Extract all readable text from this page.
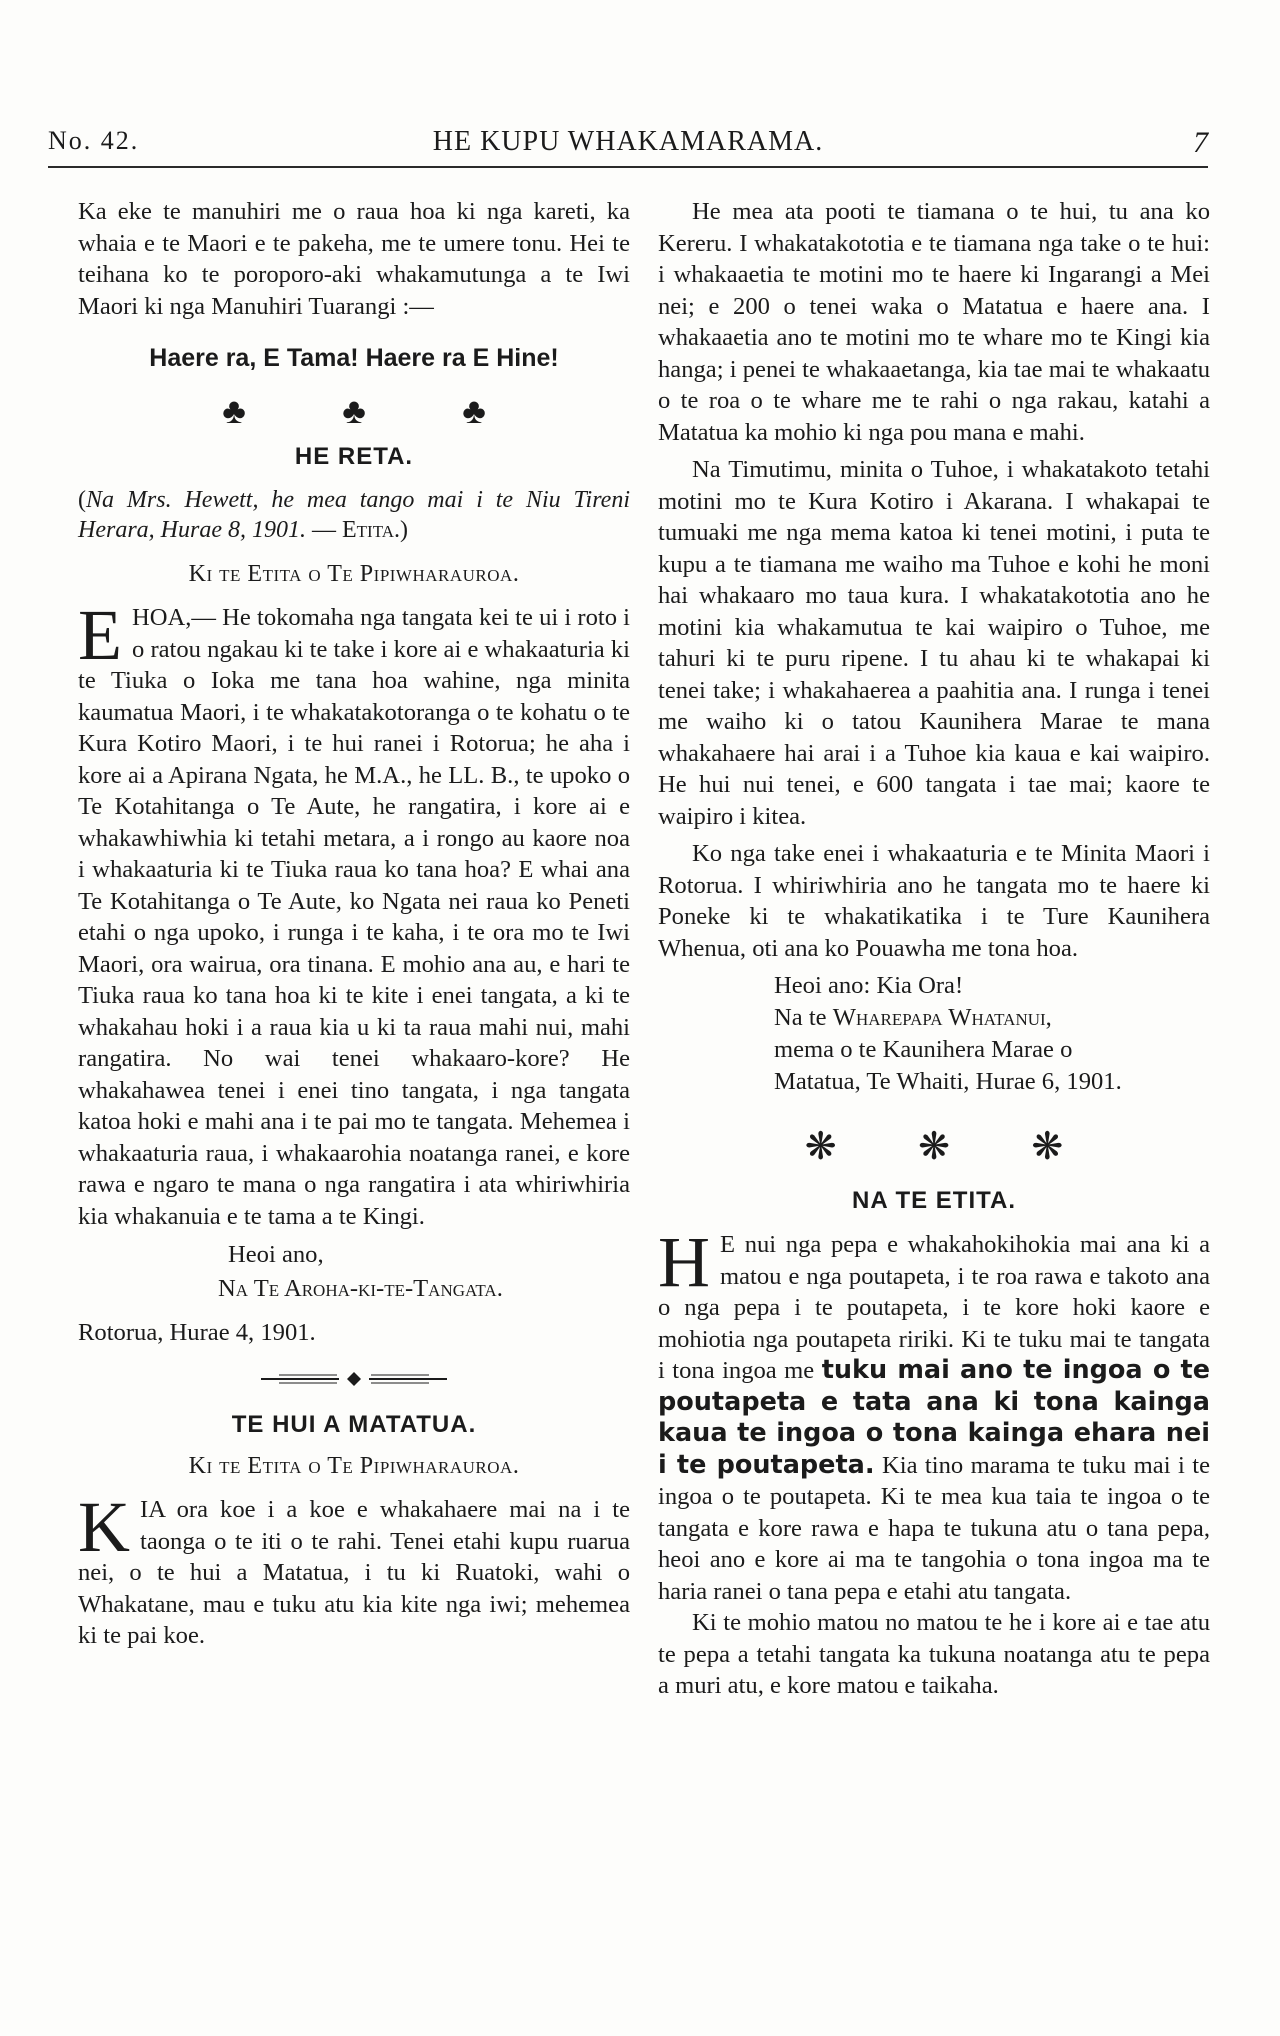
No. 42.	HE KUPU WHAKAMARAMA.	7

Ka eke te manuhiri me o raua hoa ki nga kareti, ka whaia e te Maori e te pakeha, me te umere tonu. Hei te teihana ko te poroporo-aki whakamutunga a te Iwi Maori ki nga Manuhiri Tuarangi :—

Haere ra, E Tama! Haere ra E Hine!
♣	♣	♣
HE RETA.

(Na Mrs. Hewett, he mea tango mai i te Niu Tireni Herara, Hurae 8, 1901. — Etita.)

Ki te Etita o Te Pipiwharauroa.

EHOA,— He tokomaha nga tangata kei te ui i roto i o ratou ngakau ki te take i kore ai e whakaaturia ki te Tiuka o Ioka me tana hoa wahine, nga minita kaumatua Maori, i te whakatakotoranga o te kohatu o te Kura Kotiro Maori, i te hui ranei i Rotorua; he aha i kore ai a Apirana Ngata, he M.A., he LL. B., te upoko o Te Kotahitanga o Te Aute, he rangatira, i kore ai e whakawhiwhia ki tetahi metara, a i rongo au kaore noa i whakaaturia ki te Tiuka raua ko tana hoa? E whai ana Te Kotahitanga o Te Aute, ko Ngata nei raua ko Peneti etahi o nga upoko, i runga i te kaha, i te ora mo te Iwi Maori, ora wairua, ora tinana. E mohio ana au, e hari te Tiuka raua ko tana hoa ki te kite i enei tangata, a ki te whakahau hoki i a raua kia u ki ta raua mahi nui, mahi rangatira. No wai tenei whakaaro-kore? He whakahawea tenei i enei tino tangata, i nga tangata katoa hoki e mahi ana i te pai mo te tangata. Mehemea i whakaaturia raua, i whakaarohia noatanga ranei, e kore rawa e ngaro te mana o nga rangatira i ata whiriwhiria kia whakanuia e te tama a te Kingi.

Heoi ano,
Na Te Aroha-ki-te-Tangata.
Rotorua, Hurae 4, 1901.
TE HUI A MATATUA.
Ki te Etita o Te Pipiwharauroa.

KIA ora koe i a koe e whakahaere mai na i te taonga o te iti o te rahi. Tenei etahi kupu ruarua nei, o te hui a Matatua, i tu ki Ruatoki, wahi o Whakatane, mau e tuku atu kia kite nga iwi; mehemea ki te pai koe.

He mea ata pooti te tiamana o te hui, tu ana ko Kereru. I whakatakototia e te tiamana nga take o te hui: i whakaaetia te motini mo te haere ki Ingarangi a Mei nei; e 200 o tenei waka o Matatua e haere ana. I whakaaetia ano te motini mo te whare mo te Kingi kia hanga; i penei te whakaaetanga, kia tae mai te whakaatu o te roa o te whare me te rahi o nga rakau, katahi a Matatua ka mohio ki nga pou mana e mahi.

Na Timutimu, minita o Tuhoe, i whakatakoto tetahi motini mo te Kura Kotiro i Akarana. I whakapai te tumuaki me nga mema katoa ki tenei motini, i puta te kupu a te tiamana me waiho ma Tuhoe e kohi he moni hai whakaaro mo taua kura. I whakatakototia ano he motini kia whakamutua te kai waipiro o Tuhoe, me tahuri ki te puru ripene. I tu ahau ki te whakapai ki tenei take; i whakahaerea a paahitia ana. I runga i tenei me waiho ki o tatou Kaunihera Marae te mana whakahaere hai arai i a Tuhoe kia kaua e kai waipiro. He hui nui tenei, e 600 tangata i tae mai; kaore te waipiro i kitea.

Ko nga take enei i whakaaturia e te Minita Maori i Rotorua. I whiriwhiria ano he tangata mo te haere ki Poneke ki te whakatikatika i te Ture Kaunihera Whenua, oti ana ko Pouawha me tona hoa.

Heoi ano: Kia Ora!
Na te Wharepapa Whatanui,
mema o te Kaunihera Marae o
Matatua, Te Whaiti, Hurae 6, 1901.
❋ ❋ ❋
NA TE ETITA.

H E nui nga pepa e whakahokihokia mai ana ki a matou e nga poutapeta, i te roa rawa e takoto ana o nga pepa i te poutapeta, i te kore hoki kaore e mohiotia nga poutapeta ririki. Ki te tuku mai te tangata i tona ingoa me tuku mai ano te ingoa o te poutapeta e tata ana ki tona kainga kaua te ingoa o tona kainga ehara nei i te poutapeta. Kia tino marama te tuku mai i te ingoa o te poutapeta. Ki te mea kua taia te ingoa o te tangata e kore rawa e hapa te tukuna atu o tana pepa, heoi ano e kore ai ma te tangohia o tona ingoa ma te haria ranei o tana pepa e etahi atu tangata.

Ki te mohio matou no matou te he i kore ai e tae atu te pepa a tetahi tangata ka tukuna noatanga atu te pepa a muri atu, e kore matou e taikaha.
